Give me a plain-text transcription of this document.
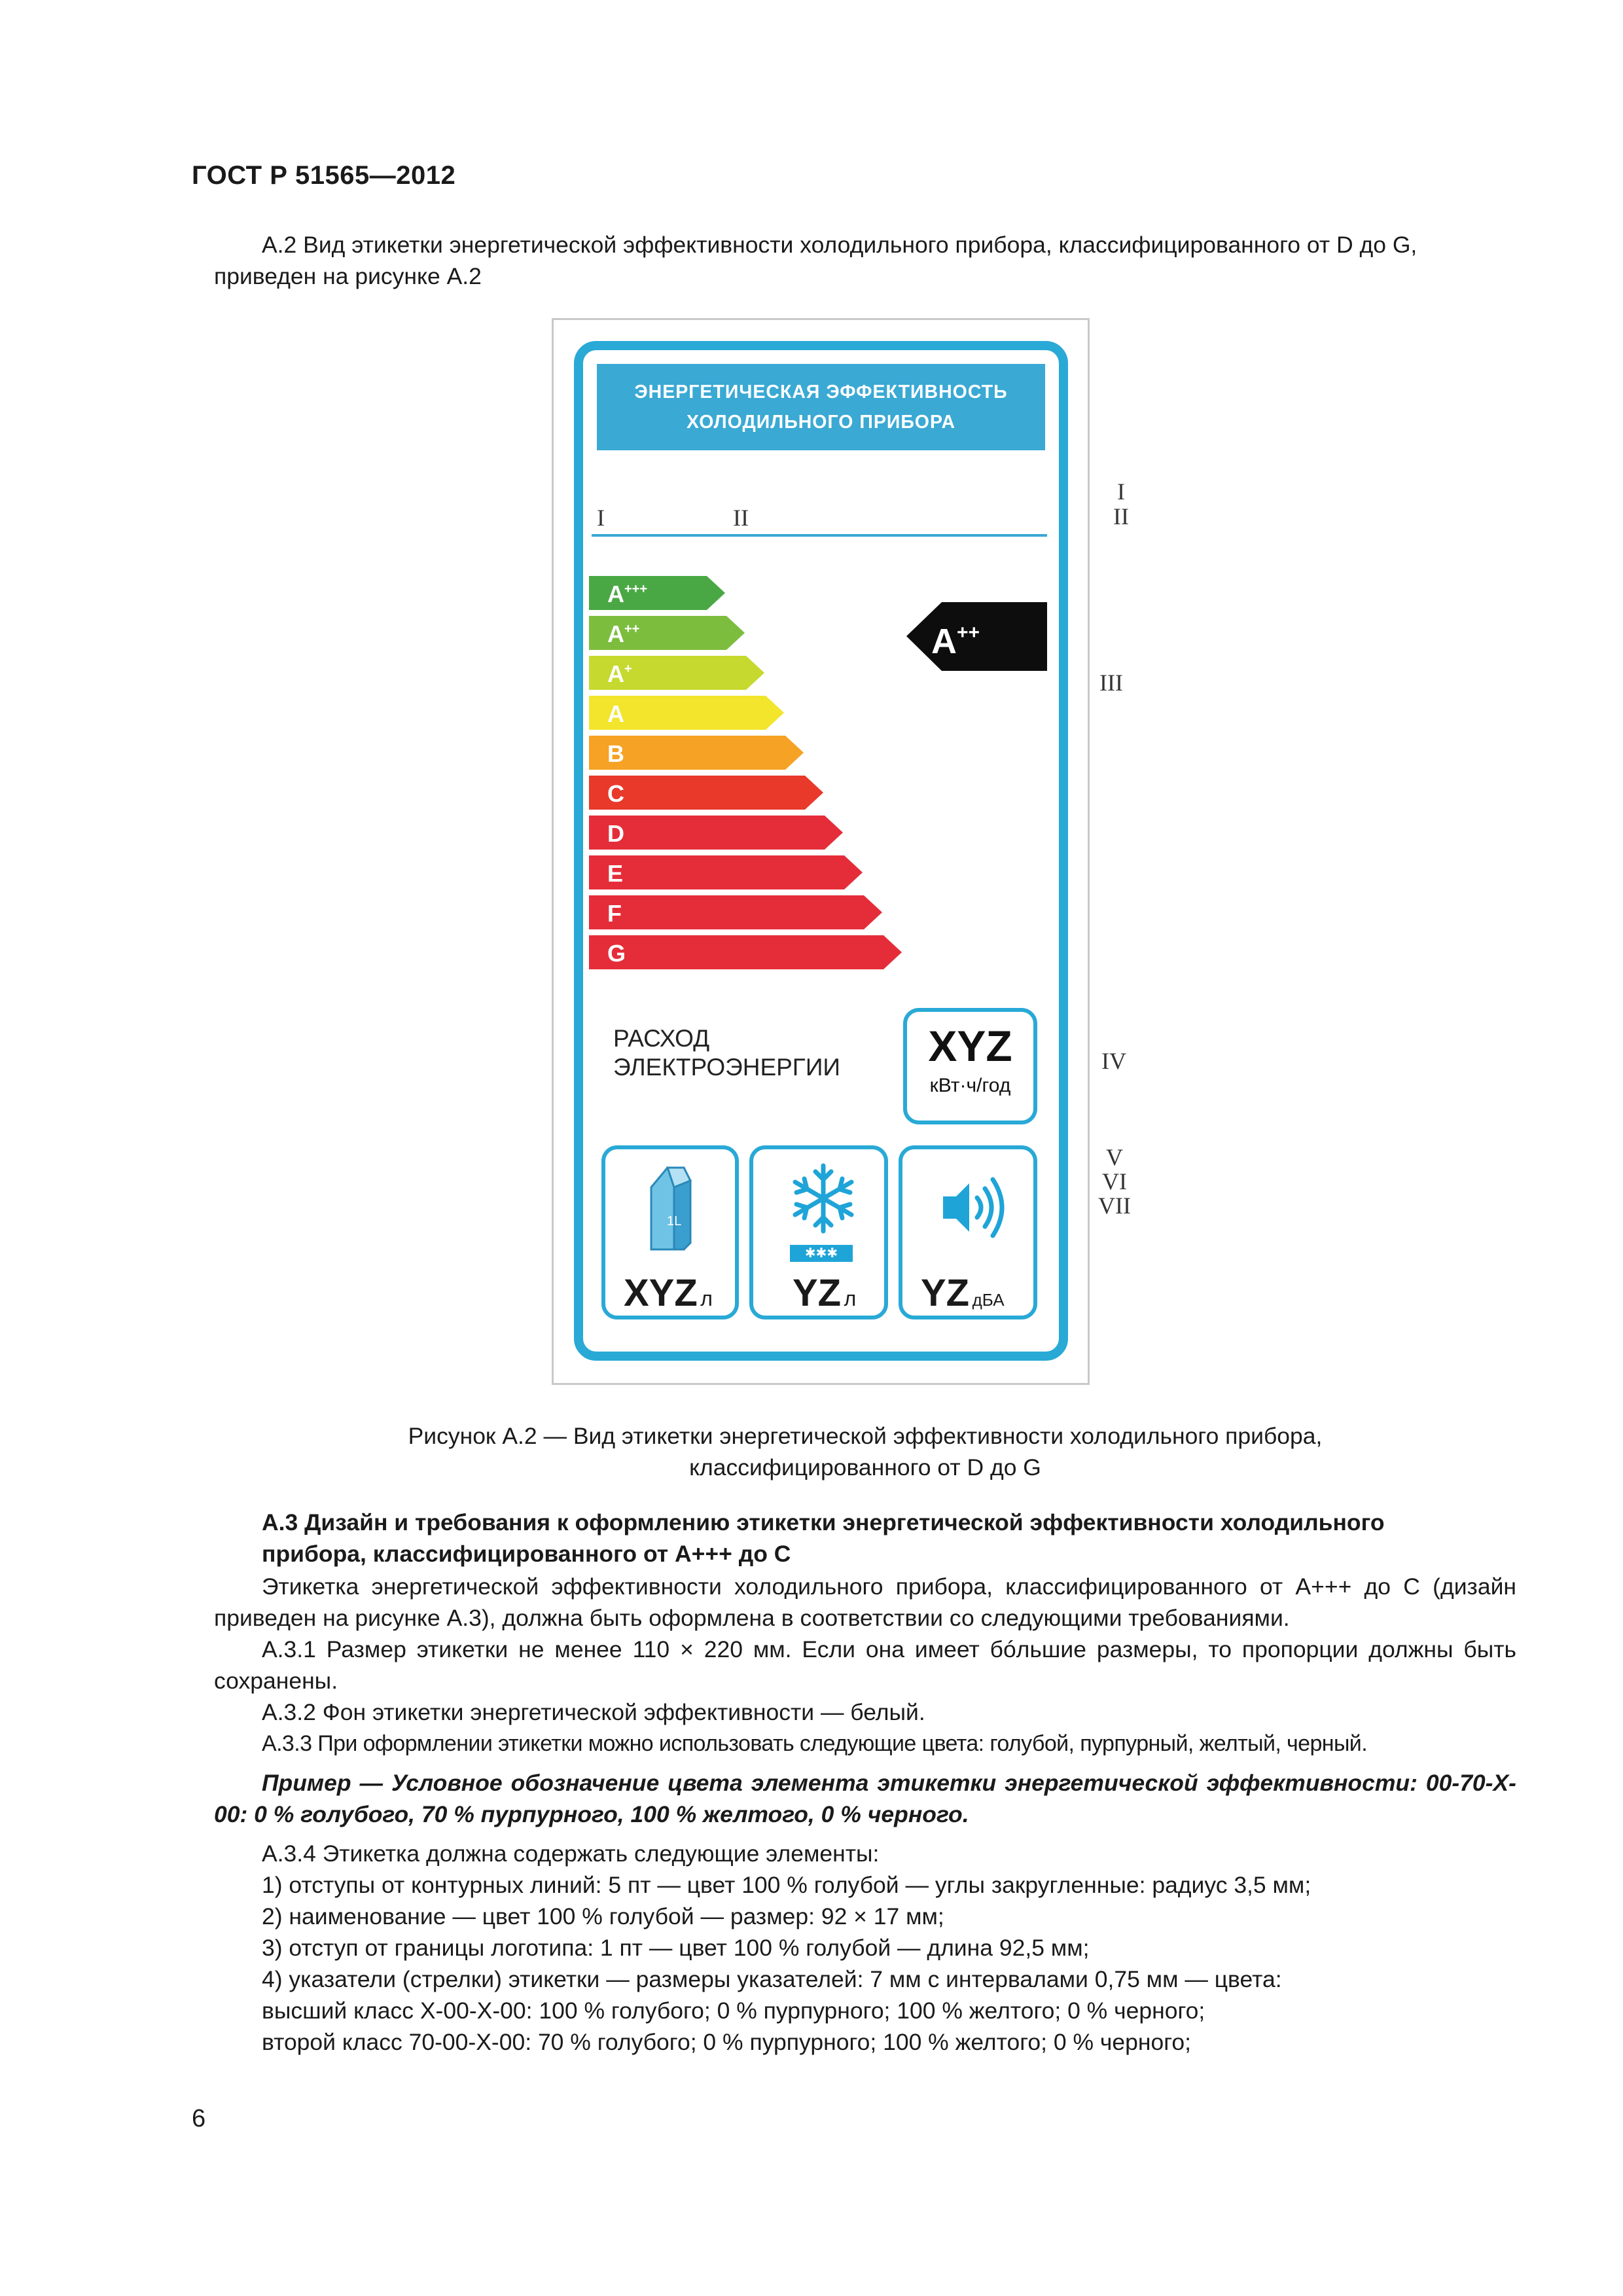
ГОСТ Р 51565—2012
А.2 Вид этикетки энергетической эффективности холодильного прибора, классифицированного от D до G,
приведен на рисунке А.2
ЭНЕРГЕТИЧЕСКАЯ ЭФФЕКТИВНОСТЬ
ХОЛОДИЛЬНОГО ПРИБОРА
I	II
A+++
A++
A+
A
B
C
D
E
F
G
A++
РАСХОД
ЭЛЕКТРОЭНЕРГИИ	XYZ
кВт·ч/год
1L
XYZ л
✱✱✱
YZ л YZ дБА
I
II
III
IV
V
VI
VII
Рисунок А.2 — Вид этикетки энергетической эффективности холодильного прибора,
классифицированного от D до G
А.3 Дизайн и требования к оформлению этикетки энергетической эффективности холодильного
прибора, классифицированного от А+++ до С
Этикетка энергетической эффективности холодильного прибора, классифицированного от А+++ до С (дизайн приведен на рисунке А.3), должна быть оформлена в соответствии со следующими требованиями.
А.3.1 Размер этикетки не менее 110 × 220 мм. Если она имеет бóльшие размеры, то пропорции должны быть сохранены.
А.3.2 Фон этикетки энергетической эффективности — белый.
А.3.3 При оформлении этикетки можно использовать следующие цвета: голубой, пурпурный, желтый, черный.
Пример — Условное обозначение цвета элемента этикетки энергетической эффективности: 00-70-X-00: 0 % голубого, 70 % пурпурного, 100 % желтого, 0 % черного.
А.3.4 Этикетка должна содержать следующие элементы:
1) отступы от контурных линий: 5 пт — цвет 100 % голубой — углы закругленные: радиус 3,5 мм;
2) наименование — цвет 100 % голубой — размер: 92 × 17 мм;
3) отступ от границы логотипа: 1 пт — цвет 100 % голубой — длина 92,5 мм;
4) указатели (стрелки) этикетки — размеры указателей: 7 мм с интервалами 0,75 мм — цвета:
высший класс X-00-X-00: 100 % голубого; 0 % пурпурного; 100 % желтого; 0 % черного;
второй класс 70-00-X-00: 70 % голубого; 0 % пурпурного; 100 % желтого; 0 % черного;
6
